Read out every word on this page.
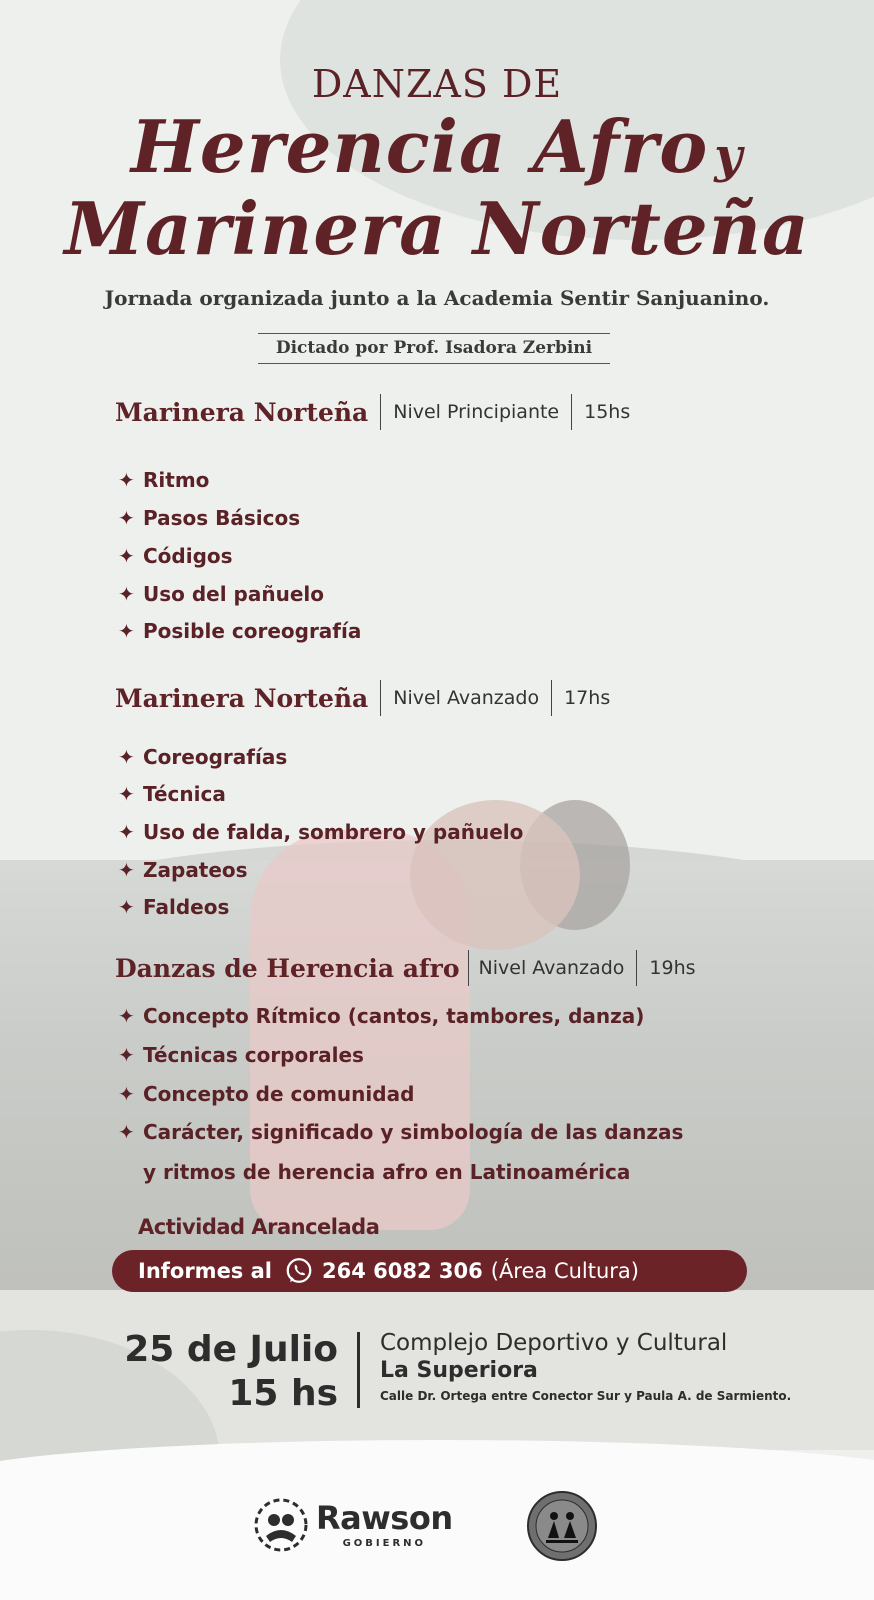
DANZAS DE
Herencia Afro y
Marinera Norteña
Jornada organizada junto a la Academia Sentir Sanjuanino.
Dictado por Prof. Isadora Zerbini
Marinera Norteña Nivel Principiante 15hs
✦ Ritmo
✦ Pasos Básicos
✦ Códigos
✦ Uso del pañuelo
✦ Posible coreografía
Marinera Norteña Nivel Avanzado 17hs
✦ Coreografías
✦ Técnica
✦ Uso de falda, sombrero y pañuelo
✦ Zapateos
✦ Faldeos
Danzas de Herencia afro Nivel Avanzado 19hs
✦ Concepto Rítmico (cantos, tambores, danza)
✦ Técnicas corporales
✦ Concepto de comunidad
✦ Carácter, significado y simbología de las danzas
y ritmos de herencia afro en Latinoamérica
Actividad Arancelada
Informes al 264 6082 306 (Área Cultura)
25 de Julio
15 hs
Complejo Deportivo y Cultural
La Superiora
Calle Dr. Ortega entre Conector Sur y Paula A. de Sarmiento.
Rawson
GOBIERNO
